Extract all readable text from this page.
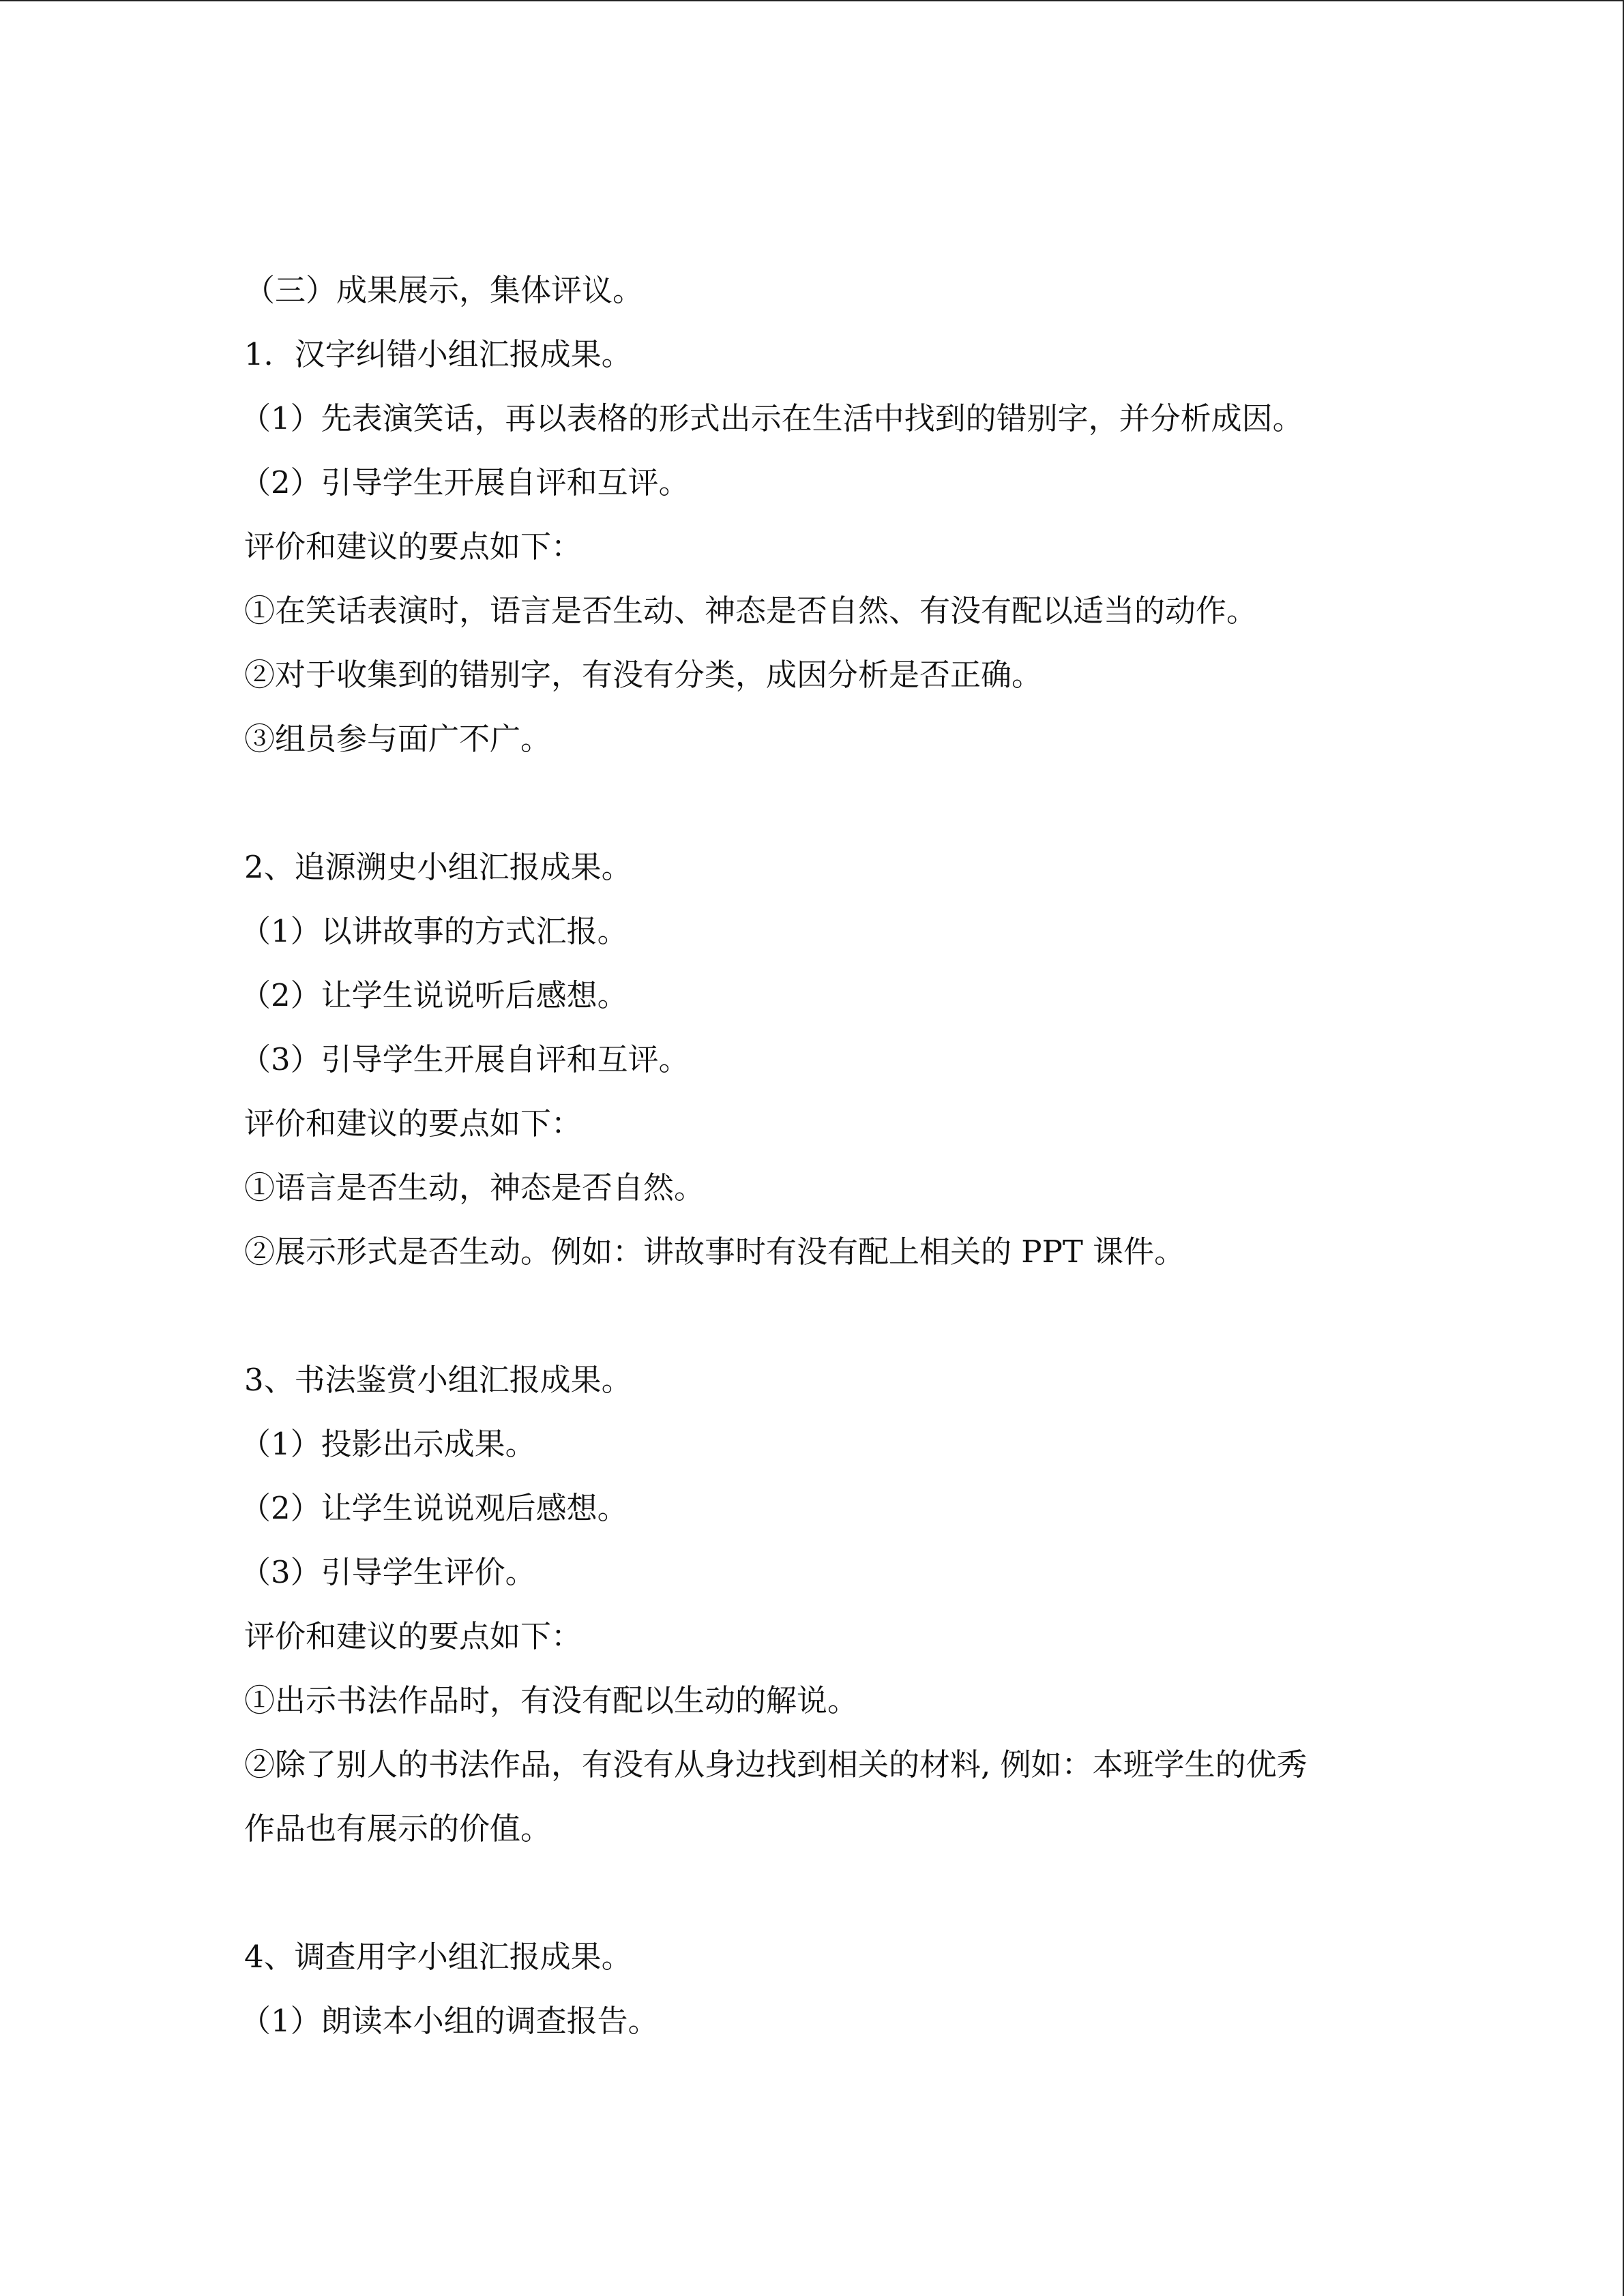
（三）成果展示，集体评议。
1．汉字纠错小组汇报成果。
（1）先表演笑话，再以表格的形式出示在生活中找到的错别字，并分析成因。
（2）引导学生开展自评和互评。
评价和建议的要点如下：
①在笑话表演时，语言是否生动、神态是否自然、有没有配以适当的动作。
②对于收集到的错别字，有没有分类，成因分析是否正确。
③组员参与面广不广。
2、追源溯史小组汇报成果。
（1）以讲故事的方式汇报。
（2）让学生说说听后感想。
（3）引导学生开展自评和互评。
评价和建议的要点如下：
①语言是否生动，神态是否自然。
②展示形式是否生动。例如：讲故事时有没有配上相关的 PPT 课件。
3、书法鉴赏小组汇报成果。
（1）投影出示成果。
（2）让学生说说观后感想。
（3）引导学生评价。
评价和建议的要点如下：
①出示书法作品时，有没有配以生动的解说。
②除了别人的书法作品，有没有从身边找到相关的材料, 例如：本班学生的优秀
作品也有展示的价值。
4、调查用字小组汇报成果。
（1）朗读本小组的调查报告。
